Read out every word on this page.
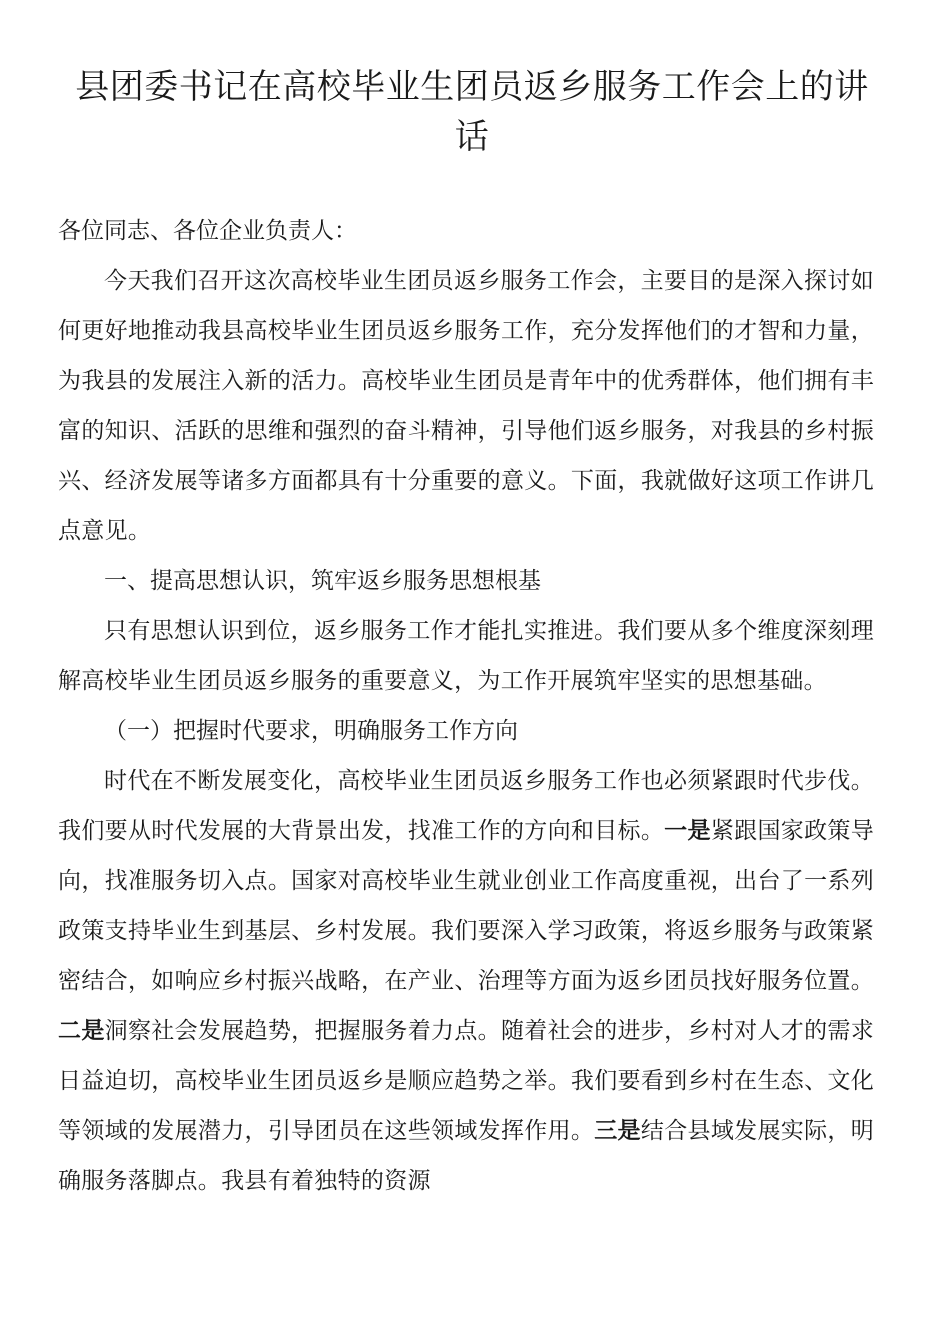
县团委书记在高校毕业生团员返乡服务工作会上的讲话

各位同志、各位企业负责人：

今天我们召开这次高校毕业生团员返乡服务工作会，主要目的是深入探讨如何更好地推动我县高校毕业生团员返乡服务工作，充分发挥他们的才智和力量，为我县的发展注入新的活力。高校毕业生团员是青年中的优秀群体，他们拥有丰富的知识、活跃的思维和强烈的奋斗精神，引导他们返乡服务，对我县的乡村振兴、经济发展等诸多方面都具有十分重要的意义。下面，我就做好这项工作讲几点意见。

一、提高思想认识，筑牢返乡服务思想根基

只有思想认识到位，返乡服务工作才能扎实推进。我们要从多个维度深刻理解高校毕业生团员返乡服务的重要意义，为工作开展筑牢坚实的思想基础。

（一）把握时代要求，明确服务工作方向

时代在不断发展变化，高校毕业生团员返乡服务工作也必须紧跟时代步伐。我们要从时代发展的大背景出发，找准工作的方向和目标。一是紧跟国家政策导向，找准服务切入点。国家对高校毕业生就业创业工作高度重视，出台了一系列政策支持毕业生到基层、乡村发展。我们要深入学习政策，将返乡服务与政策紧密结合，如响应乡村振兴战略，在产业、治理等方面为返乡团员找好服务位置。二是洞察社会发展趋势，把握服务着力点。随着社会的进步，乡村对人才的需求日益迫切，高校毕业生团员返乡是顺应趋势之举。我们要看到乡村在生态、文化等领域的发展潜力，引导团员在这些领域发挥作用。三是结合县域发展实际，明确服务落脚点。我县有着独特的资源
